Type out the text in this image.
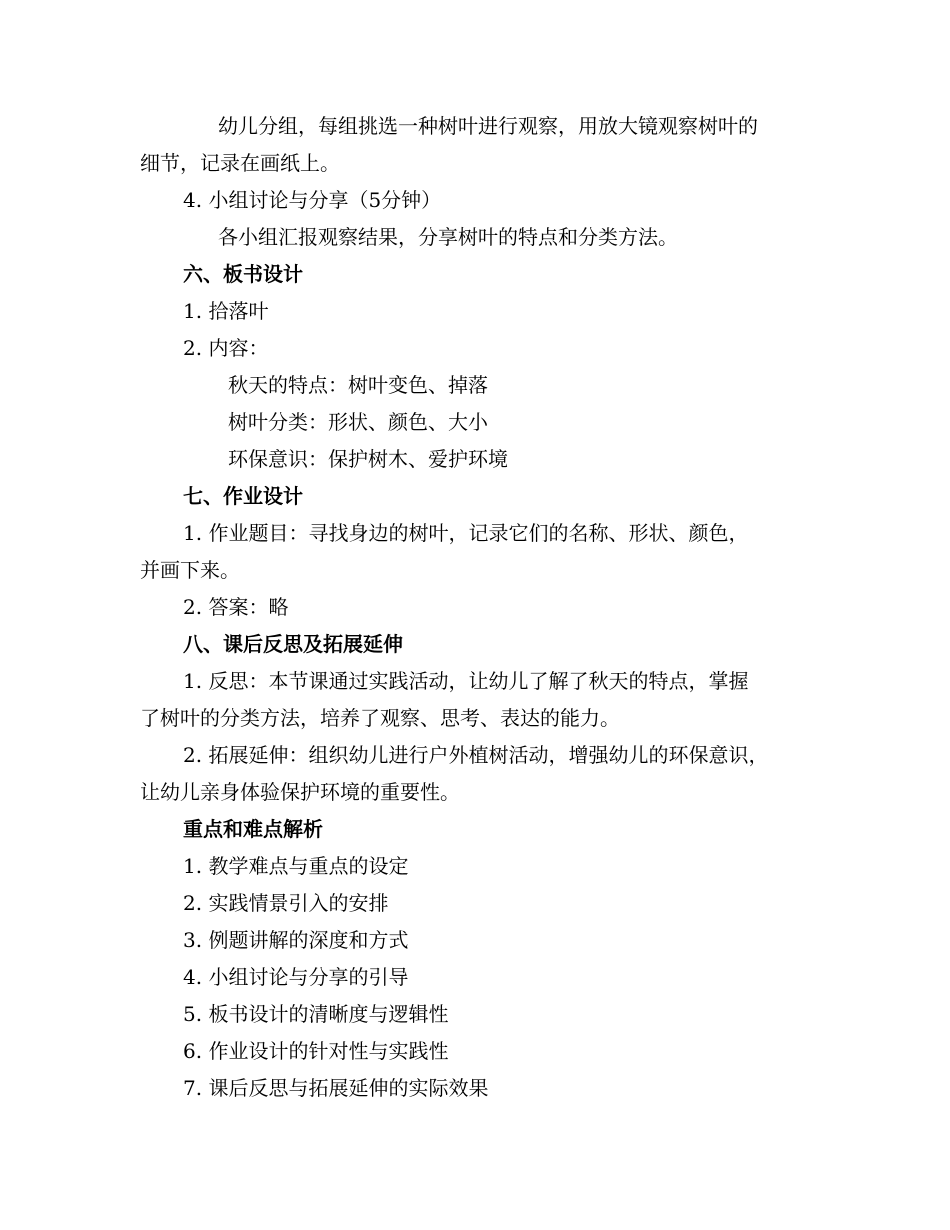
幼儿分组，每组挑选一种树叶进行观察，用放大镜观察树叶的
细节，记录在画纸上。
4. 小组讨论与分享（5分钟）
各小组汇报观察结果，分享树叶的特点和分类方法。
六、板书设计
1. 拾落叶
2. 内容：
秋天的特点：树叶变色、掉落
树叶分类：形状、颜色、大小
环保意识：保护树木、爱护环境
七、作业设计
1. 作业题目：寻找身边的树叶，记录它们的名称、形状、颜色，
并画下来。
2. 答案：略
八、课后反思及拓展延伸
1. 反思：本节课通过实践活动，让幼儿了解了秋天的特点，掌握
了树叶的分类方法，培养了观察、思考、表达的能力。
2. 拓展延伸：组织幼儿进行户外植树活动，增强幼儿的环保意识，
让幼儿亲身体验保护环境的重要性。
重点和难点解析
1. 教学难点与重点的设定
2. 实践情景引入的安排
3. 例题讲解的深度和方式
4. 小组讨论与分享的引导
5. 板书设计的清晰度与逻辑性
6. 作业设计的针对性与实践性
7. 课后反思与拓展延伸的实际效果
